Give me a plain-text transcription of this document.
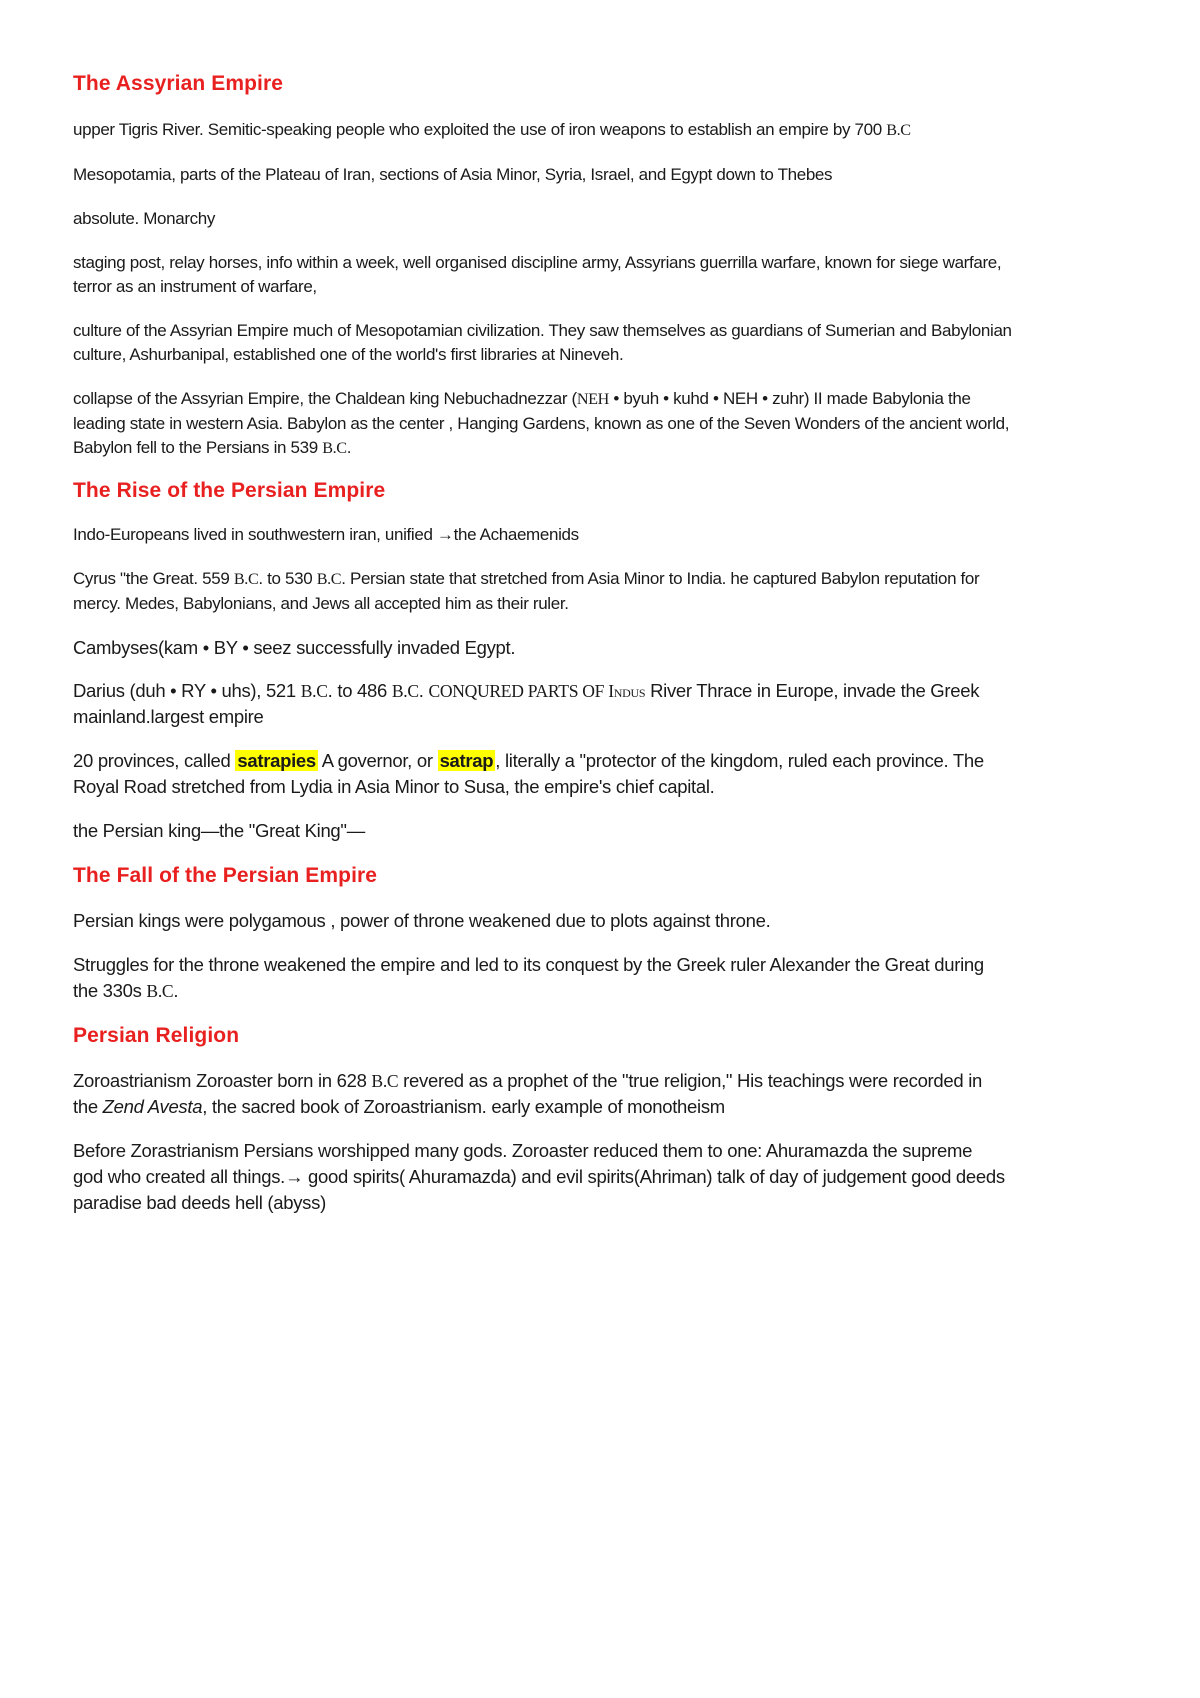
The Assyrian Empire

upper Tigris River. Semitic-speaking people who exploited the use of iron weapons to establish an empire by 700 B.C

Mesopotamia, parts of the Plateau of Iran, sections of Asia Minor, Syria, Israel, and Egypt down to Thebes

absolute. Monarchy

staging post, relay horses, info within a week, well organised discipline army, Assyrians guerrilla warfare, known for siege warfare,
terror as an instrument of warfare,

culture of the Assyrian Empire much of Mesopotamian civilization. They saw themselves as guardians of Sumerian and Babylonian
culture, Ashurbanipal, established one of the world's first libraries at Nineveh.

collapse of the Assyrian Empire, the Chaldean king Nebuchadnezzar (NEH • byuh • kuhd • NEH • zuhr) II made Babylonia the
leading state in western Asia. Babylon as the center , Hanging Gardens, known as one of the Seven Wonders of the ancient world,
Babylon fell to the Persians in 539 B.C.

The Rise of the Persian Empire

Indo-Europeans lived in southwestern iran, unified →the Achaemenids

Cyrus "the Great. 559 B.C. to 530 B.C. Persian state that stretched from Asia Minor to India. he captured Babylon reputation for
mercy. Medes, Babylonians, and Jews all accepted him as their ruler.

Cambyses(kam • BY • seez successfully invaded Egypt.

Darius (duh • RY • uhs), 521 B.C. to 486 B.C. CONQURED PARTS OF Indus River Thrace in Europe, invade the Greek
mainland.largest empire

20 provinces, called satrapies A governor, or satrap , literally a "protector of the kingdom, ruled each province. The
Royal Road stretched from Lydia in Asia Minor to Susa, the empire's chief capital.

the Persian king—the "Great King"—

The Fall of the Persian Empire

Persian kings were polygamous , power of throne weakened due to plots against throne.

Struggles for the throne weakened the empire and led to its conquest by the Greek ruler Alexander the Great during
the 330s B.C.

Persian Religion

Zoroastrianism Zoroaster born in 628 B.C revered as a prophet of the "true religion," His teachings were recorded in
the Zend Avesta, the sacred book of Zoroastrianism. early example of monotheism

Before Zorastrianism Persians worshipped many gods. Zoroaster reduced them to one: Ahuramazda the supreme
god who created all things.→ good spirits( Ahuramazda) and evil spirits(Ahriman) talk of day of judgement good deeds
paradise bad deeds hell (abyss)
